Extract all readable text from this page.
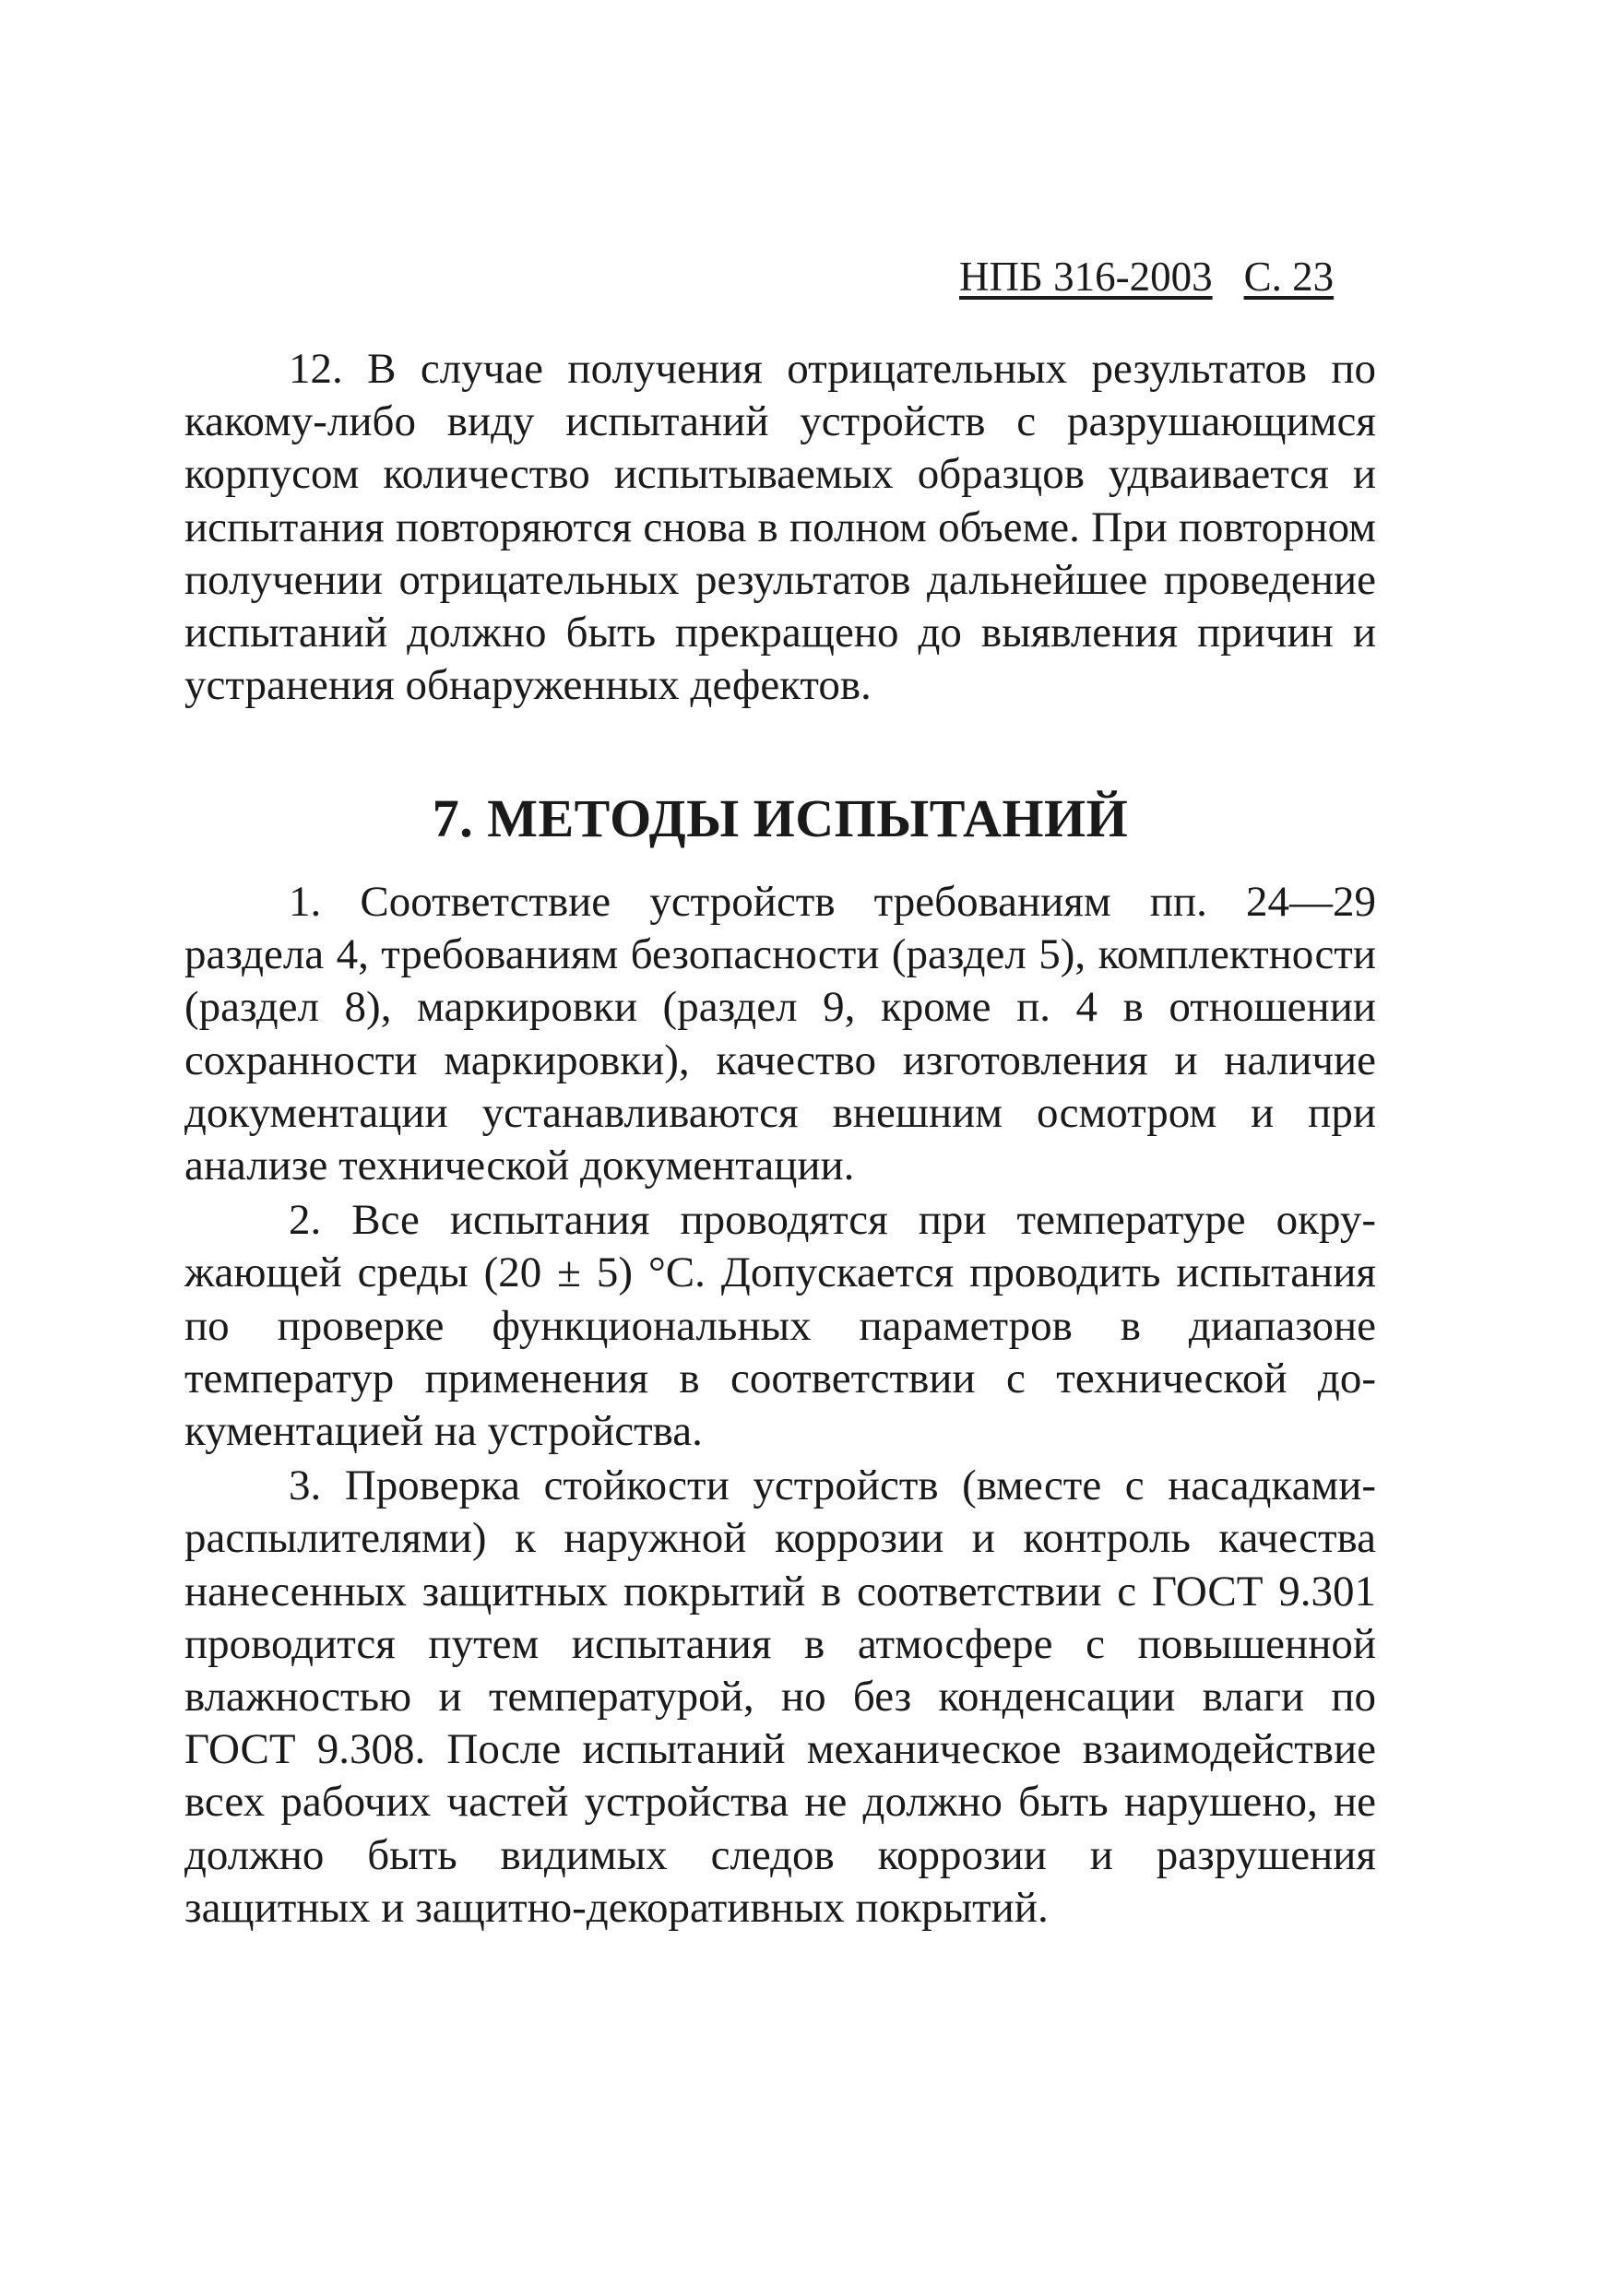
НПБ 316-2003 С. 23

12. В случае получения отрицательных результатов по какому-либо виду испытаний устройств с разрушающимся корпусом количество испытываемых образцов удваивается и испытания повторяются снова в полном объеме. При повторном получении отрицательных результатов дальнейшее проведение испытаний должно быть прекращено до выявления причин и устранения обнаруженных дефектов.

7. МЕТОДЫ ИСПЫТАНИЙ

1. Соответствие устройств требованиям пп. 24—29 раздела 4, требованиям безопасности (раздел 5), комплектности (раздел 8), маркировки (раздел 9, кроме п. 4 в отношении сохранности маркировки), качество изготовления и наличие документации устанавливаются внешним осмотром и при анализе технической документации.

2. Все испытания проводятся при температуре окружающей среды (20 ± 5) °С. Допускается проводить испытания по проверке функциональных параметров в диапазоне температур применения в соответствии с технической документацией на устройства.

3. Проверка стойкости устройств (вместе с насадками-распылителями) к наружной коррозии и контроль качества нанесенных защитных покрытий в соответствии с ГОСТ 9.301 проводится путем испытания в атмосфере с повышенной влажностью и температурой, но без конденсации влаги по ГОСТ 9.308. После испытаний механическое взаимодействие всех рабочих частей устройства не должно быть нарушено, не должно быть видимых следов коррозии и разрушения защитных и защитно-декоративных покрытий.
